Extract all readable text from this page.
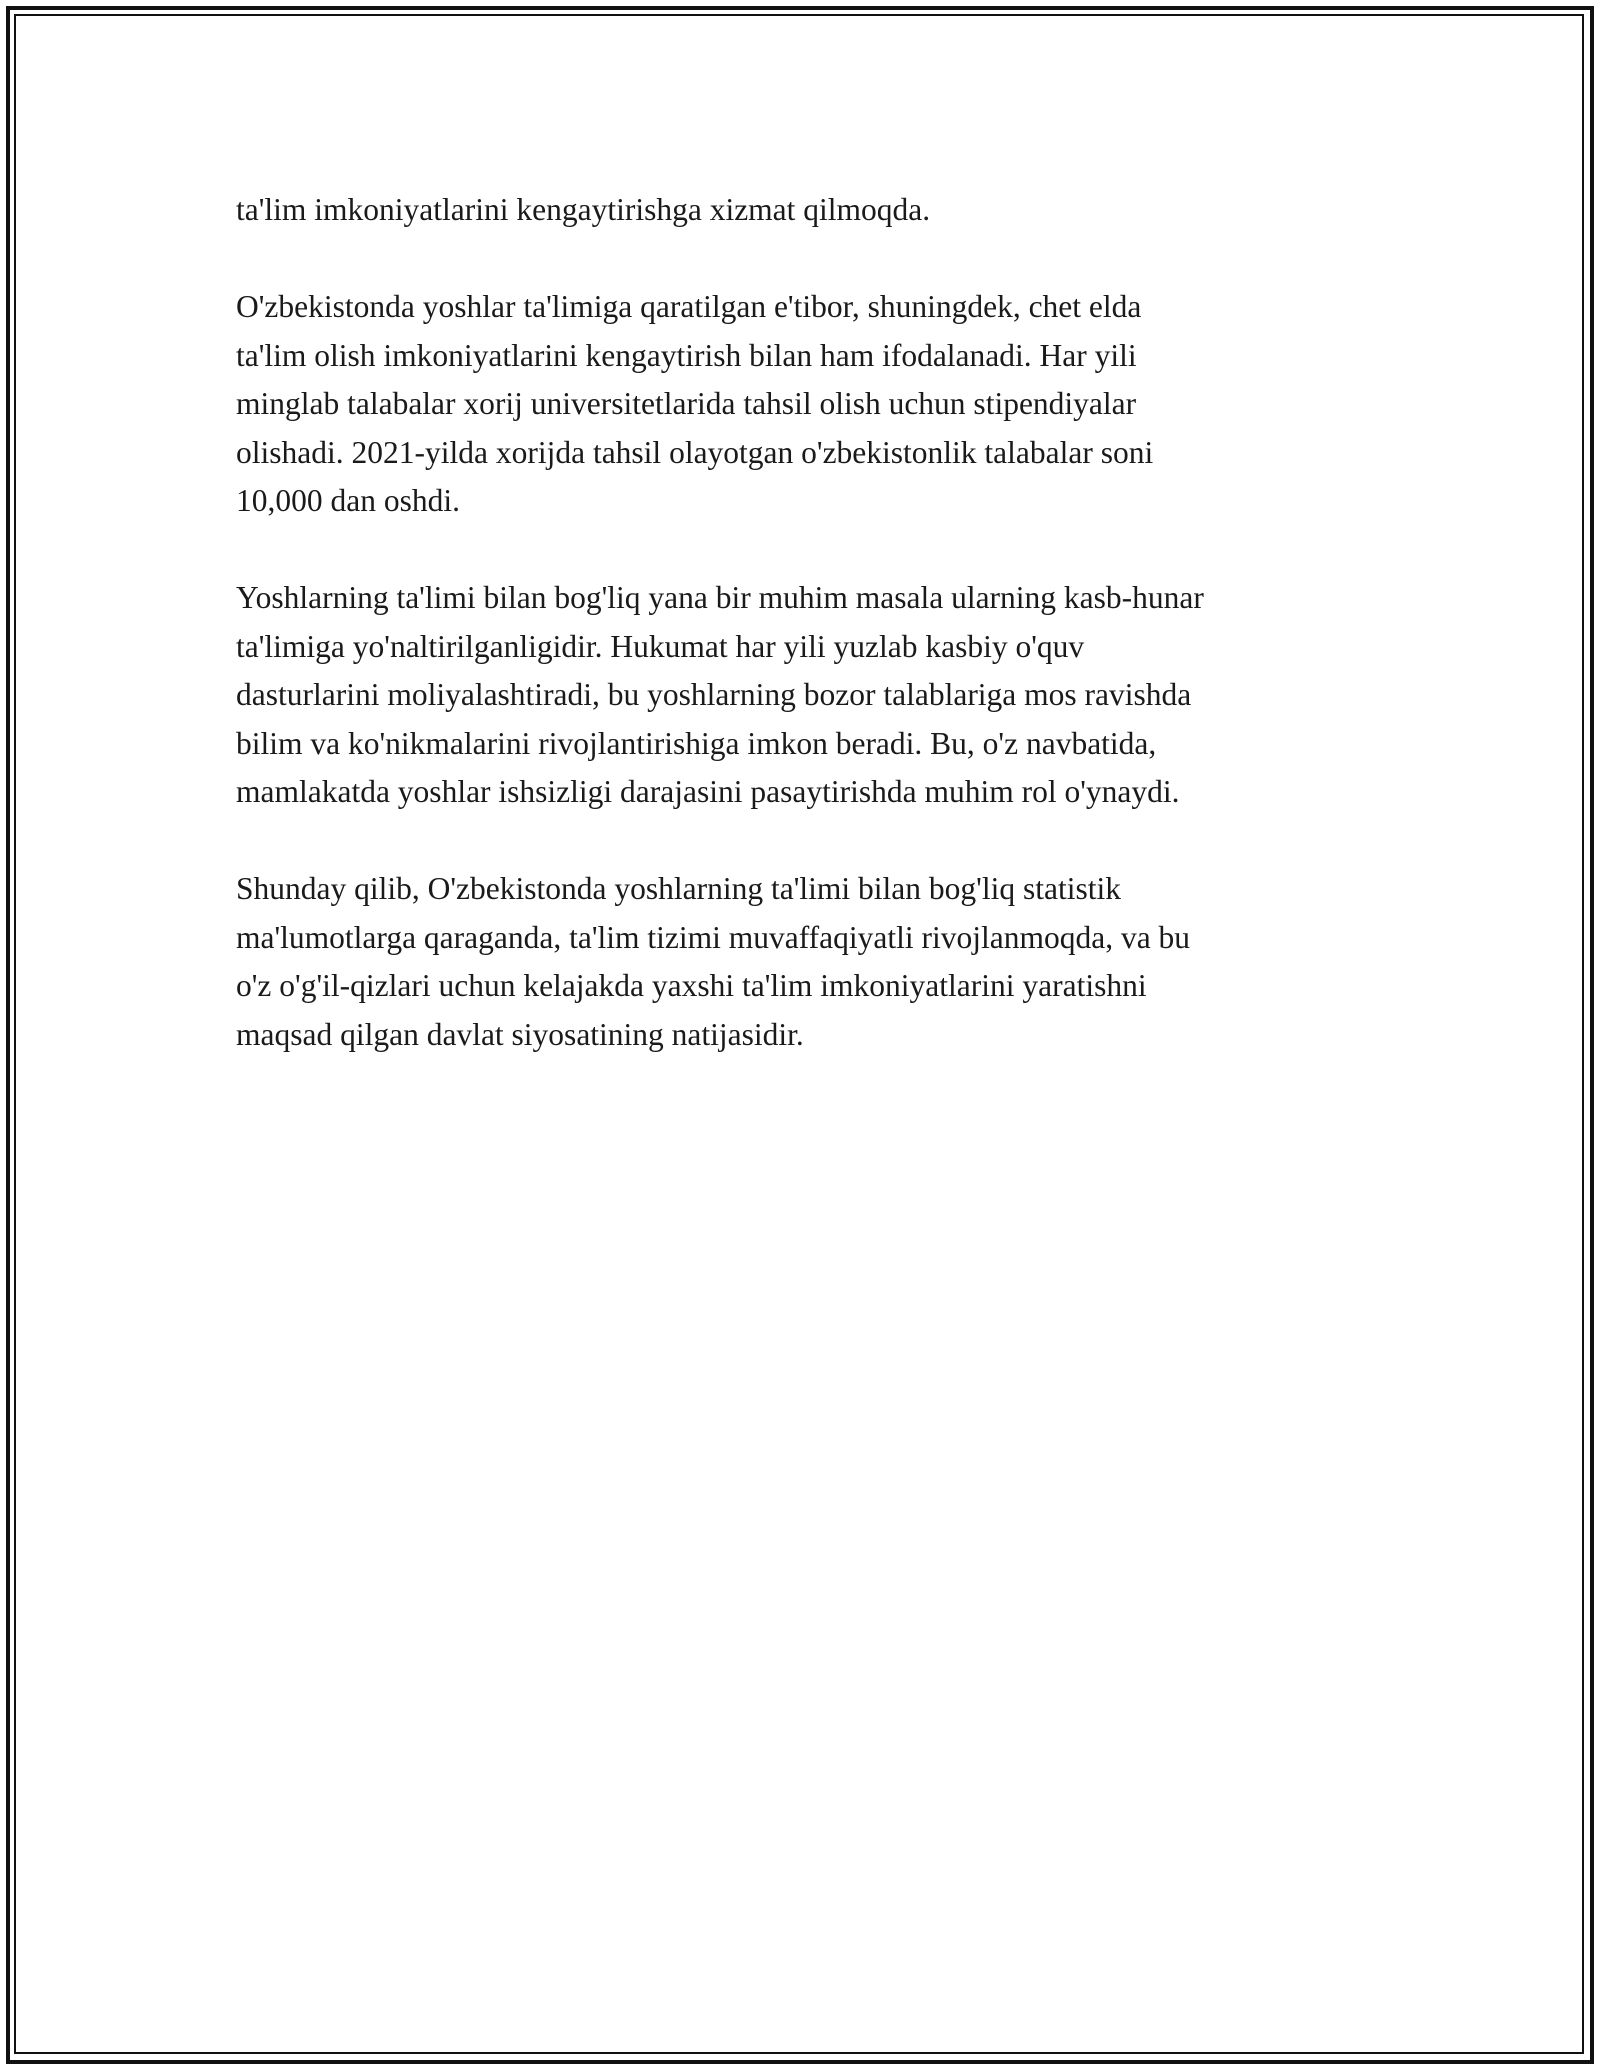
ta'lim imkoniyatlarini kengaytirishga xizmat qilmoqda.

O'zbekistonda yoshlar ta'limiga qaratilgan e'tibor, shuningdek, chet elda
ta'lim olish imkoniyatlarini kengaytirish bilan ham ifodalanadi. Har yili
minglab talabalar xorij universitetlarida tahsil olish uchun stipendiyalar
olishadi. 2021-yilda xorijda tahsil olayotgan o'zbekistonlik talabalar soni
10,000 dan oshdi.

Yoshlarning ta'limi bilan bog'liq yana bir muhim masala ularning kasb-hunar
ta'limiga yo'naltirilganligidir. Hukumat har yili yuzlab kasbiy o'quv
dasturlarini moliyalashtiradi, bu yoshlarning bozor talablariga mos ravishda
bilim va ko'nikmalarini rivojlantirishiga imkon beradi. Bu, o'z navbatida,
mamlakatda yoshlar ishsizligi darajasini pasaytirishda muhim rol o'ynaydi.

Shunday qilib, O'zbekistonda yoshlarning ta'limi bilan bog'liq statistik
ma'lumotlarga qaraganda, ta'lim tizimi muvaffaqiyatli rivojlanmoqda, va bu
o'z o'g'il-qizlari uchun kelajakda yaxshi ta'lim imkoniyatlarini yaratishni
maqsad qilgan davlat siyosatining natijasidir.
